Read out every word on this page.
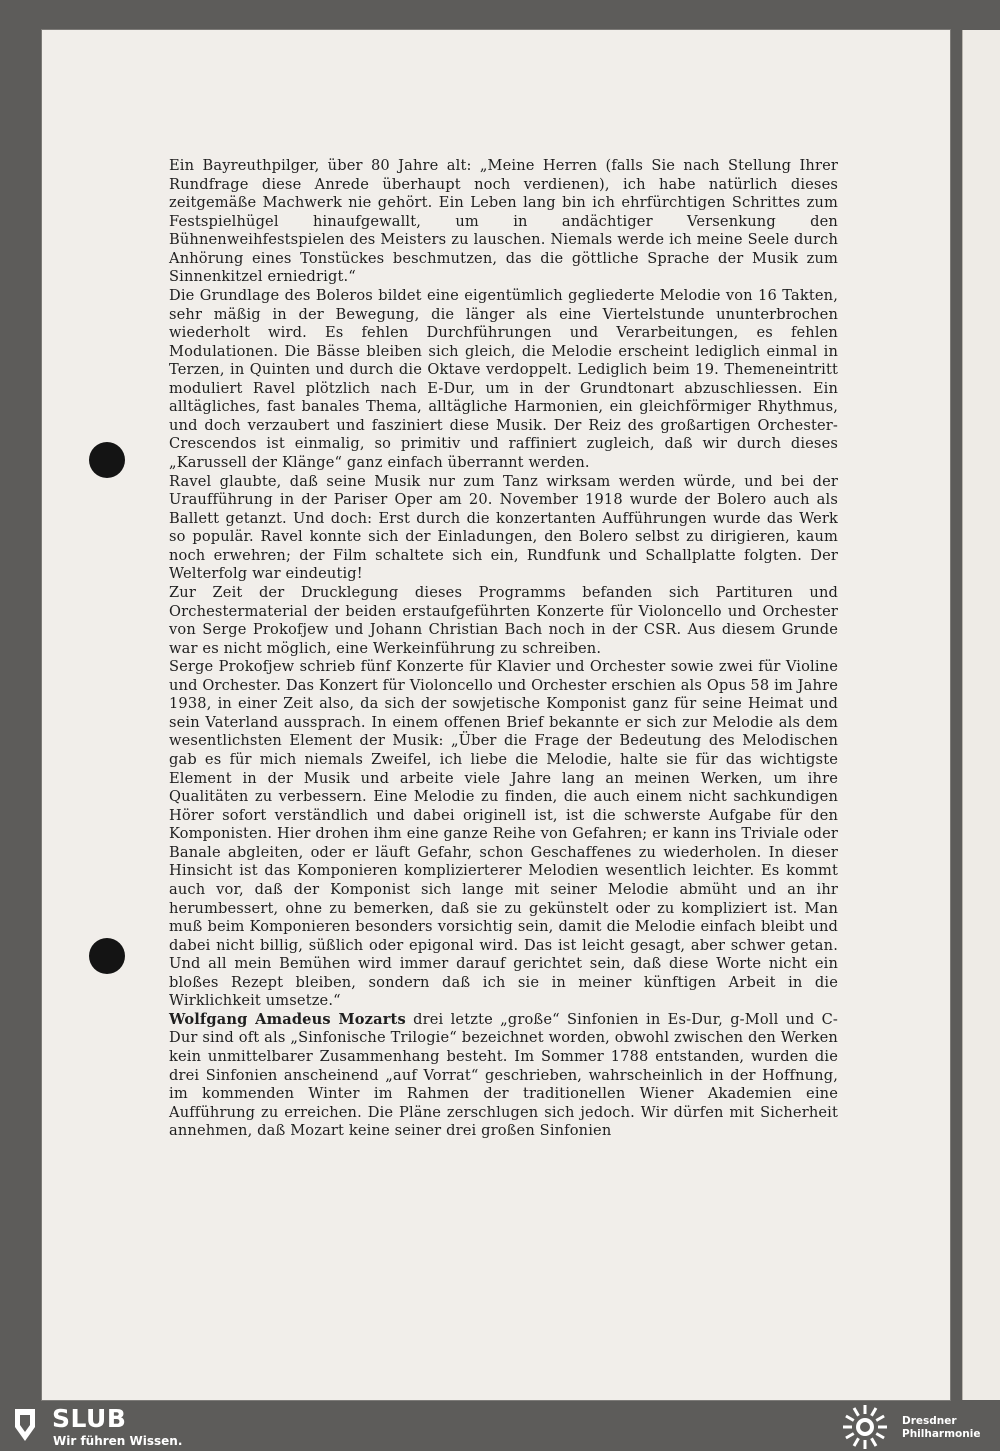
Ein Bayreuthpilger, über 80 Jahre alt: „Meine Herren (falls Sie nach Stellung Ihrer Rundfrage diese Anrede überhaupt noch verdienen), ich habe natürlich dieses zeitgemäße Machwerk nie gehört. Ein Leben lang bin ich ehrfürchtigen Schrittes zum Festspielhügel hinaufgewallt, um in andächtiger Versenkung den Bühnenweihfestspielen des Meisters zu lauschen. Niemals werde ich meine Seele durch Anhörung eines Tonstückes beschmutzen, das die göttliche Sprache der Musik zum Sinnenkitzel erniedrigt.“

Die Grundlage des Boleros bildet eine eigentümlich gegliederte Melodie von 16 Takten, sehr mäßig in der Bewegung, die länger als eine Viertelstunde ununterbrochen wiederholt wird. Es fehlen Durchführungen und Verarbeitungen, es fehlen Modulationen. Die Bässe bleiben sich gleich, die Melodie erscheint lediglich einmal in Terzen, in Quinten und durch die Oktave verdoppelt. Lediglich beim 19. Themeneintritt moduliert Ravel plötzlich nach E-Dur, um in der Grundtonart abzuschliessen. Ein alltägliches, fast banales Thema, alltägliche Harmonien, ein gleichförmiger Rhythmus, und doch verzaubert und fasziniert diese Musik. Der Reiz des großartigen Orchester-Crescendos ist einmalig, so primitiv und raffiniert zugleich, daß wir durch dieses „Karussell der Klänge“ ganz einfach überrannt werden.

Ravel glaubte, daß seine Musik nur zum Tanz wirksam werden würde, und bei der Uraufführung in der Pariser Oper am 20. November 1918 wurde der Bolero auch als Ballett getanzt. Und doch: Erst durch die konzertanten Aufführungen wurde das Werk so populär. Ravel konnte sich der Einladungen, den Bolero selbst zu dirigieren, kaum noch erwehren; der Film schaltete sich ein, Rundfunk und Schallplatte folgten. Der Welterfolg war eindeutig!

Zur Zeit der Drucklegung dieses Programms befanden sich Partituren und Orchestermaterial der beiden erstaufgeführten Konzerte für Violoncello und Orchester von Serge Prokofjew und Johann Christian Bach noch in der CSR. Aus diesem Grunde war es nicht möglich, eine Werkeinführung zu schreiben.

Serge Prokofjew schrieb fünf Konzerte für Klavier und Orchester sowie zwei für Violine und Orchester. Das Konzert für Violoncello und Orchester erschien als Opus 58 im Jahre 1938, in einer Zeit also, da sich der sowjetische Komponist ganz für seine Heimat und sein Vaterland aussprach. In einem offenen Brief bekannte er sich zur Melodie als dem wesentlichsten Element der Musik: „Über die Frage der Bedeutung des Melodischen gab es für mich niemals Zweifel, ich liebe die Melodie, halte sie für das wichtigste Element in der Musik und arbeite viele Jahre lang an meinen Werken, um ihre Qualitäten zu verbessern. Eine Melodie zu finden, die auch einem nicht sachkundigen Hörer sofort verständlich und dabei originell ist, ist die schwerste Aufgabe für den Komponisten. Hier drohen ihm eine ganze Reihe von Gefahren; er kann ins Triviale oder Banale abgleiten, oder er läuft Gefahr, schon Geschaffenes zu wiederholen. In dieser Hinsicht ist das Komponieren komplizierterer Melodien wesentlich leichter. Es kommt auch vor, daß der Komponist sich lange mit seiner Melodie abmüht und an ihr herumbessert, ohne zu bemerken, daß sie zu gekünstelt oder zu kompliziert ist. Man muß beim Komponieren besonders vorsichtig sein, damit die Melodie einfach bleibt und dabei nicht billig, süßlich oder epigonal wird. Das ist leicht gesagt, aber schwer getan. Und all mein Bemühen wird immer darauf gerichtet sein, daß diese Worte nicht ein bloßes Rezept bleiben, sondern daß ich sie in meiner künftigen Arbeit in die Wirklichkeit umsetze.“

Wolfgang Amadeus Mozarts drei letzte „große“ Sinfonien in Es-Dur, g-Moll und C-Dur sind oft als „Sinfonische Trilogie“ bezeichnet worden, obwohl zwischen den Werken kein unmittelbarer Zusammenhang besteht. Im Sommer 1788 entstanden, wurden die drei Sinfonien anscheinend „auf Vorrat“ geschrieben, wahrscheinlich in der Hoffnung, im kommenden Winter im Rahmen der traditionellen Wiener Akademien eine Aufführung zu erreichen. Die Pläne zerschlugen sich jedoch. Wir dürfen mit Sicherheit annehmen, daß Mozart keine seiner drei großen Sinfonien

SLUB
Wir führen Wissen.
Dresdner
Philharmonie
